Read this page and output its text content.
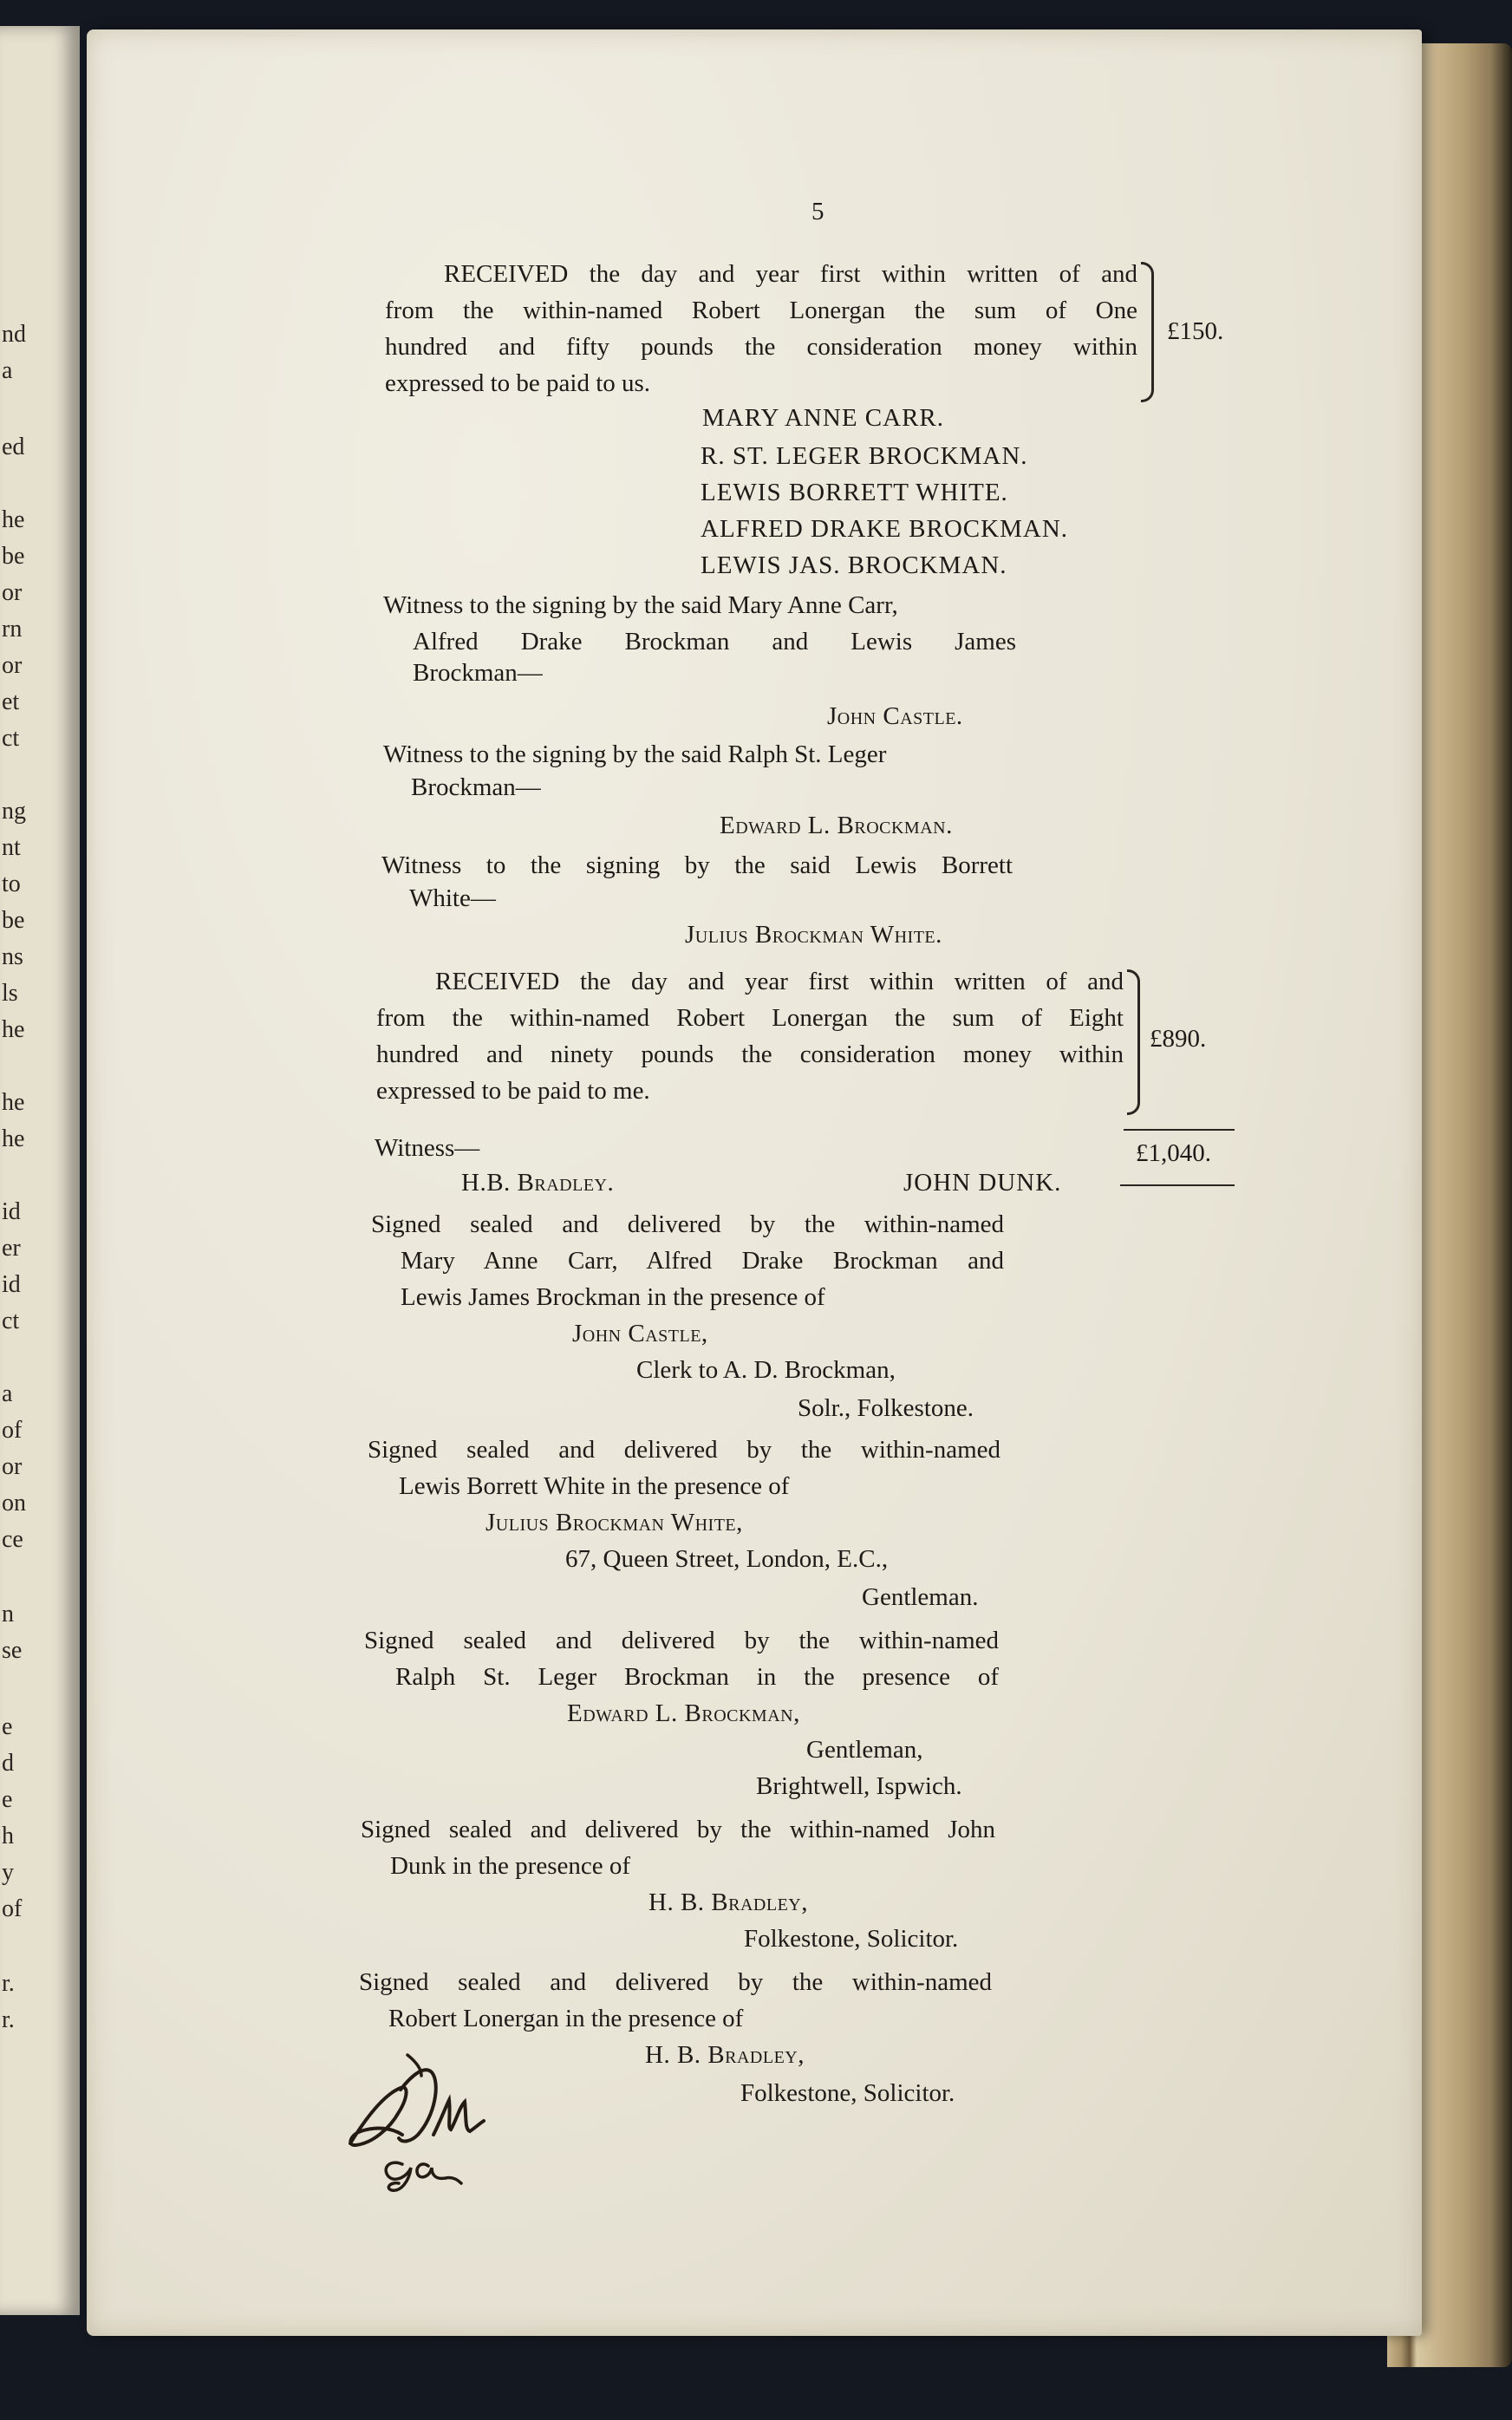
nd
a
ed
he
be
or
rn
or
et
ct
ng
nt
to
be
ns
ls
he
he
he
id
er
id
ct
a
of
or
on
ce
n
se
e
d
e
h
y
of
r.
r.
5
RECEIVED the day and year first within written of and
from the within-named Robert Lonergan the sum of One
hundred and fifty pounds the consideration money within
expressed to be paid to us.
£150.
MARY ANNE CARR.
R. ST. LEGER BROCKMAN.
LEWIS BORRETT WHITE.
ALFRED DRAKE BROCKMAN.
LEWIS JAS. BROCKMAN.
Witness to the signing by the said Mary Anne Carr,
Alfred Drake Brockman and Lewis James
Brockman—
John Castle.
Witness to the signing by the said Ralph St. Leger
Brockman—
Edward L. Brockman.
Witness to the signing by the said Lewis Borrett
White—
Julius Brockman White.
RECEIVED the day and year first within written of and
from the within-named Robert Lonergan the sum of Eight
hundred and ninety pounds the consideration money within
expressed to be paid to me.
£890.
£1,040.
Witness—
H.B. Bradley.	JOHN DUNK.
Signed sealed and delivered by the within-named
Mary Anne Carr, Alfred Drake Brockman and
Lewis James Brockman in the presence of
John Castle,
Clerk to A. D. Brockman,
Solr., Folkestone.
Signed sealed and delivered by the within-named
Lewis Borrett White in the presence of
Julius Brockman White,
67, Queen Street, London, E.C.,
Gentleman.
Signed sealed and delivered by the within-named
Ralph St. Leger Brockman in the presence of
Edward L. Brockman,
Gentleman,
Brightwell, Ispwich.
Signed sealed and delivered by the within-named John
Dunk in the presence of
H. B. Bradley,
Folkestone, Solicitor.
Signed sealed and delivered by the within-named
Robert Lonergan in the presence of
H. B. Bradley,
Folkestone, Solicitor.
